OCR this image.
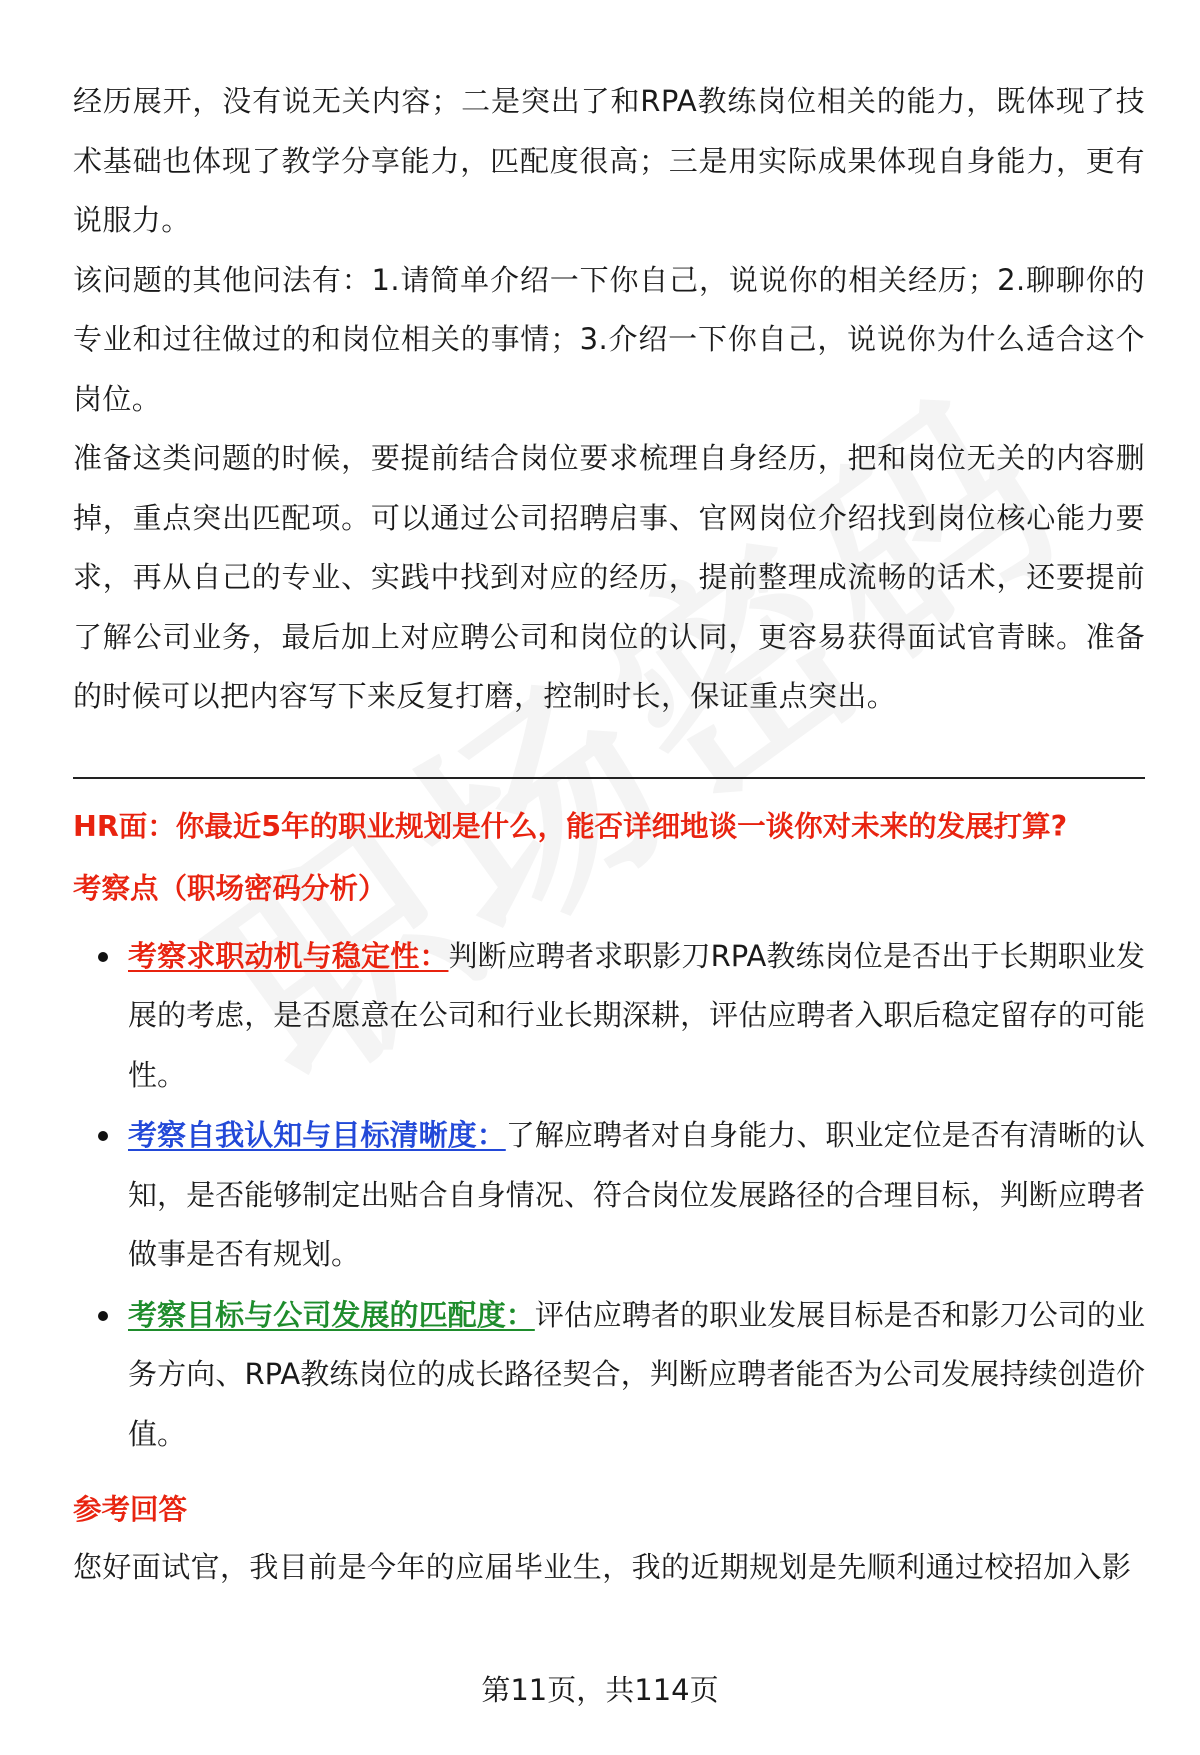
经历展开，没有说无关内容；二是突出了和RPA教练岗位相关的能力，既体现了技术基础也体现了教学分享能力，匹配度很高；三是用实际成果体现自身能力，更有说服力。

该问题的其他问法有：1.请简单介绍一下你自己，说说你的相关经历；2.聊聊你的专业和过往做过的和岗位相关的事情；3.介绍一下你自己，说说你为什么适合这个岗位。

准备这类问题的时候，要提前结合岗位要求梳理自身经历，把和岗位无关的内容删掉，重点突出匹配项。可以通过公司招聘启事、官网岗位介绍找到岗位核心能力要求，再从自己的专业、实践中找到对应的经历，提前整理成流畅的话术，还要提前了解公司业务，最后加上对应聘公司和岗位的认同，更容易获得面试官青睐。准备的时候可以把内容写下来反复打磨，控制时长，保证重点突出。

HR面：你最近5年的职业规划是什么，能否详细地谈一谈你对未来的发展打算?
考察点（职场密码分析）
考察求职动机与稳定性：判断应聘者求职影刀RPA教练岗位是否出于长期职业发展的考虑，是否愿意在公司和行业长期深耕，评估应聘者入职后稳定留存的可能性。
考察自我认知与目标清晰度：了解应聘者对自身能力、职业定位是否有清晰的认知，是否能够制定出贴合自身情况、符合岗位发展路径的合理目标，判断应聘者做事是否有规划。
考察目标与公司发展的匹配度：评估应聘者的职业发展目标是否和影刀公司的业务方向、RPA教练岗位的成长路径契合，判断应聘者能否为公司发展持续创造价值。
参考回答

您好面试官，我目前是今年的应届毕业生，我的近期规划是先顺利通过校招加入影

第11页，共114页
